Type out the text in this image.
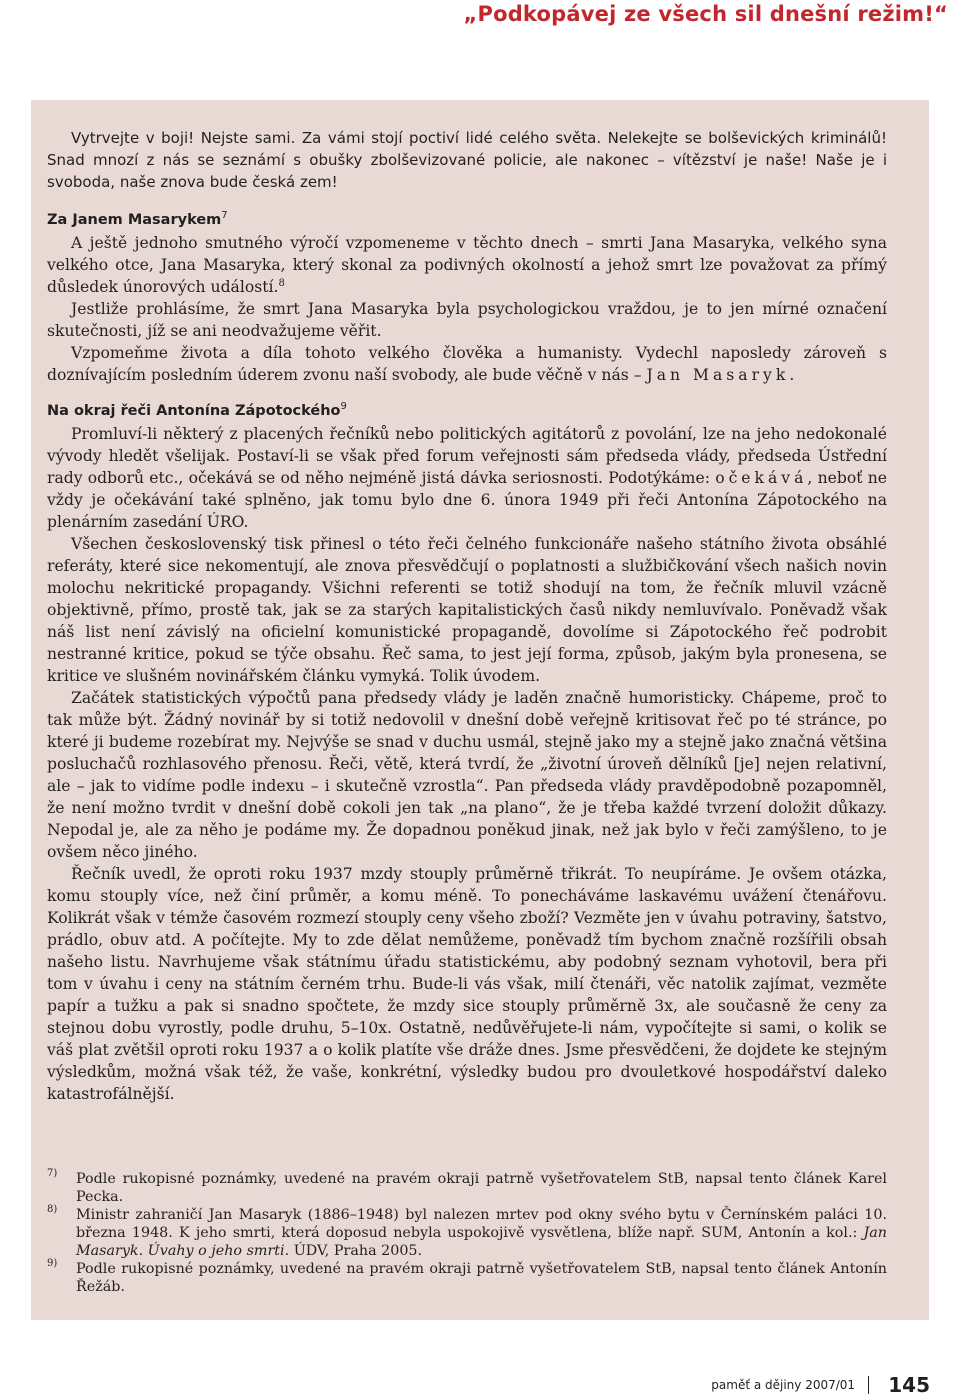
„Podkopávej ze všech sil dnešní režim!“

Vytrvejte v boji! Nejste sami. Za vámi stojí poctiví lidé celého světa. Nelekejte se bolševických kriminálů! Snad mnozí z nás se seznámí s obušky zbolševizované policie, ale nakonec – vítězství je naše! Naše je i svoboda, naše znova bude česká zem!

Za Janem Masarykem$^7$

A ještě jednoho smutného výročí vzpomeneme v těchto dnech – smrti Jana Masaryka, velkého syna velkého otce, Jana Masaryka, který skonal za podivných okolností a jehož smrt lze považovat za přímý důsledek únorových událostí.$^8$

Jestliže prohlásíme, že smrt Jana Masaryka byla psychologickou vraždou, je to jen mírné označení skutečnosti, jíž se ani neodvažujeme věřit.

Vzpomeňme života a díla tohoto velkého člověka a humanisty. Vydechl naposledy zároveň s doznívajícím posledním úderem zvonu naší svobody, ale bude věčně v nás – Jan Masaryk.

Na okraj řeči Antonína Zápotockého$^9$

Promluví-li některý z placených řečníků nebo politických agitátorů z povolání, lze na jeho nedokonalé vývody hledět všelijak. Postaví-li se však před forum veřejnosti sám předseda vlády, předseda Ústřední rady odborů etc., očekává se od něho nejméně jistá dávka seriosnosti. Podotýkáme: očekává, neboť ne vždy je očekávání také splněno, jak tomu bylo dne 6. února 1949 při řeči Antonína Zápotockého na plenárním zasedání ÚRO.

Všechen československý tisk přinesl o této řeči čelného funkcionáře našeho státního života obsáhlé referáty, které sice nekomentují, ale znova přesvědčují o poplatnosti a službičkování všech našich novin molochu nekritické propagandy. Všichni referenti se totiž shodují na tom, že řečník mluvil vzácně objektivně, přímo, prostě tak, jak se za starých kapitalistických časů nikdy nemluvívalo. Poněvadž však náš list není závislý na oficielní komunistické propagandě, dovolíme si Zápotockého řeč podrobit nestranné kritice, pokud se týče obsahu. Řeč sama, to jest její forma, způsob, jakým byla pronesena, se kritice ve slušném novinářském článku vymyká. Tolik úvodem.

Začátek statistických výpočtů pana předsedy vlády je laděn značně humoristicky. Chápeme, proč to tak může být. Žádný novinář by si totiž nedovolil v dnešní době veřejně kritisovat řeč po té stránce, po které ji budeme rozebírat my. Nejvýše se snad v duchu usmál, stejně jako my a stejně jako značná většina posluchačů rozhlasového přenosu. Řeči, větě, která tvrdí, že „životní úroveň dělníků [je] nejen relativní, ale – jak to vidíme podle indexu – i skutečně vzrostla“. Pan předseda vlády pravděpodobně pozapomněl, že není možno tvrdit v dnešní době cokoli jen tak „na plano“, že je třeba každé tvrzení doložit důkazy. Nepodal je, ale za něho je podáme my. Že dopadnou poněkud jinak, než jak bylo v řeči zamýšleno, to je ovšem něco jiného.

Řečník uvedl, že oproti roku 1937 mzdy stouply průměrně třikrát. To neupíráme. Je ovšem otázka, komu stouply více, než činí průměr, a komu méně. To ponecháváme laskavému uvážení čtenářovu. Kolikrát však v témže časovém rozmezí stouply ceny všeho zboží? Vezměte jen v úvahu potraviny, šatstvo, prádlo, obuv atd. A počítejte. My to zde dělat nemůžeme, poněvadž tím bychom značně rozšířili obsah našeho listu. Navrhujeme však státnímu úřadu statistickému, aby podobný seznam vyhotovil, bera při tom v úvahu i ceny na státním černém trhu. Bude-li vás však, milí čtenáři, věc natolik zajímat, vezměte papír a tužku a pak si snadno spočtete, že mzdy sice stouply průměrně 3x, ale současně že ceny za stejnou dobu vyrostly, podle druhu, 5–10x. Ostatně, nedůvěřujete-li nám, vypočítejte si sami, o kolik se váš plat zvětšil oproti roku 1937 a o kolik platíte vše dráže dnes. Jsme přesvědčeni, že dojdete ke stejným výsledkům, možná však též, že vaše, konkrétní, výsledky budou pro dvouletkové hospodářství daleko katastrofálnější.

7) Podle rukopisné poznámky, uvedené na pravém okraji patrně vyšetřovatelem StB, napsal tento článek Karel Pecka.
8) Ministr zahraničí Jan Masaryk (1886–1948) byl nalezen mrtev pod okny svého bytu v Černínském paláci 10. března 1948. K jeho smrti, která doposud nebyla uspokojivě vysvětlena, blíže např. SUM, Antonín a kol.: Jan Masaryk. Úvahy o jeho smrti. ÚDV, Praha 2005.
9) Podle rukopisné poznámky, uvedené na pravém okraji patrně vyšetřovatelem StB, napsal tento článek Antonín Řežáb.
paměť a dějiny 2007/01 145
